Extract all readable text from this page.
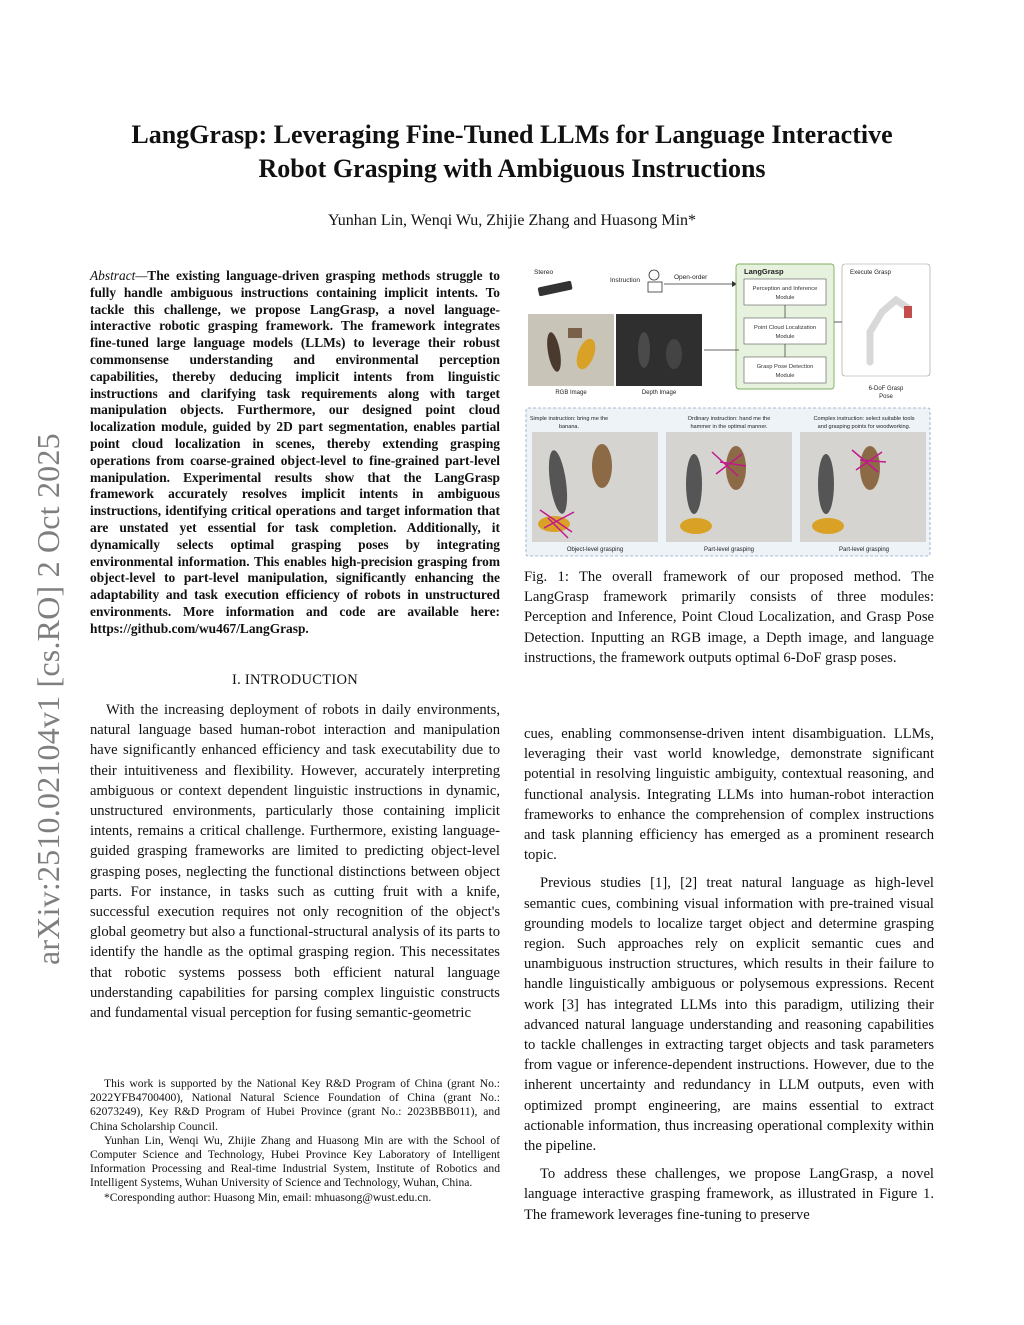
arXiv:2510.02104v1 [cs.RO] 2 Oct 2025
LangGrasp: Leveraging Fine-Tuned LLMs for Language Interactive
Robot Grasping with Ambiguous Instructions
Yunhan Lin, Wenqi Wu, Zhijie Zhang and Huasong Min*
Abstract—The existing language-driven grasping methods struggle to fully handle ambiguous instructions containing implicit intents. To tackle this challenge, we propose LangGrasp, a novel language-interactive robotic grasping framework. The framework integrates fine-tuned large language models (LLMs) to leverage their robust commonsense understanding and environmental perception capabilities, thereby deducing implicit intents from linguistic instructions and clarifying task requirements along with target manipulation objects. Furthermore, our designed point cloud localization module, guided by 2D part segmentation, enables partial point cloud localization in scenes, thereby extending grasping operations from coarse-grained object-level to fine-grained part-level manipulation. Experimental results show that the LangGrasp framework accurately resolves implicit intents in ambiguous instructions, identifying critical operations and target information that are unstated yet essential for task completion. Additionally, it dynamically selects optimal grasping poses by integrating environmental information. This enables high-precision grasping from object-level to part-level manipulation, significantly enhancing the adaptability and task execution efficiency of robots in unstructured environments. More information and code are available here: https://github.com/wu467/LangGrasp.
I. INTRODUCTION

With the increasing deployment of robots in daily environments, natural language based human-robot interaction and manipulation have significantly enhanced efficiency and task executability due to their intuitiveness and flexibility. However, accurately interpreting ambiguous or context dependent linguistic instructions in dynamic, unstructured environments, particularly those containing implicit intents, remains a critical challenge. Furthermore, existing language-guided grasping frameworks are limited to predicting object-level grasping poses, neglecting the functional distinctions between object parts. For instance, in tasks such as cutting fruit with a knife, successful execution requires not only recognition of the object's global geometry but also a functional-structural analysis of its parts to identify the handle as the optimal grasping region. This necessitates that robotic systems possess both efficient natural language understanding capabilities for parsing complex linguistic constructs and fundamental visual perception for fusing semantic-geometric

This work is supported by the National Key R&D Program of China (grant No.: 2022YFB4700400), National Natural Science Foundation of China (grant No.: 62073249), Key R&D Program of Hubei Province (grant No.: 2023BBB011), and China Scholarship Council.

Yunhan Lin, Wenqi Wu, Zhijie Zhang and Huasong Min are with the School of Computer Science and Technology, Hubei Province Key Laboratory of Intelligent Information Processing and Real-time Industrial System, Institute of Robotics and Intelligent Systems, Wuhan University of Science and Technology, Wuhan, China.

*Coresponding author: Huasong Min, email: mhuasong@wust.edu.cn.

Stereo
Instruction	Open-order
LangGrasp
Perception and Inference
Module
Point Cloud Localization
Module
Grasp Pose Detection
Module
RGB Image	Depth Image
Execute Grasp
6-DoF Grasp
Pose
Simple instruction: bring me the
banana.
Object-level grasping
Ordinary instruction: hand me the
hammer in the optimal manner.
Part-level grasping
Complex instruction: select suitable tools
and grasping points for woodworking.
Part-level grasping
Fig. 1: The overall framework of our proposed method. The LangGrasp framework primarily consists of three modules: Perception and Inference, Point Cloud Localization, and Grasp Pose Detection. Inputting an RGB image, a Depth image, and language instructions, the framework outputs optimal 6-DoF grasp poses.

cues, enabling commonsense-driven intent disambiguation. LLMs, leveraging their vast world knowledge, demonstrate significant potential in resolving linguistic ambiguity, contextual reasoning, and functional analysis. Integrating LLMs into human-robot interaction frameworks to enhance the comprehension of complex instructions and task planning efficiency has emerged as a prominent research topic.

Previous studies [1], [2] treat natural language as high-level semantic cues, combining visual information with pre-trained visual grounding models to localize target object and determine grasping region. Such approaches rely on explicit semantic cues and unambiguous instruction structures, which results in their failure to handle linguistically ambiguous or polysemous expressions. Recent work [3] has integrated LLMs into this paradigm, utilizing their advanced natural language understanding and reasoning capabilities to tackle challenges in extracting target objects and task parameters from vague or inference-dependent instructions. However, due to the inherent uncertainty and redundancy in LLM outputs, even with optimized prompt engineering, are mains essential to extract actionable information, thus increasing operational complexity within the pipeline.

To address these challenges, we propose LangGrasp, a novel language interactive grasping framework, as illustrated in Figure 1. The framework leverages fine-tuning to preserve
